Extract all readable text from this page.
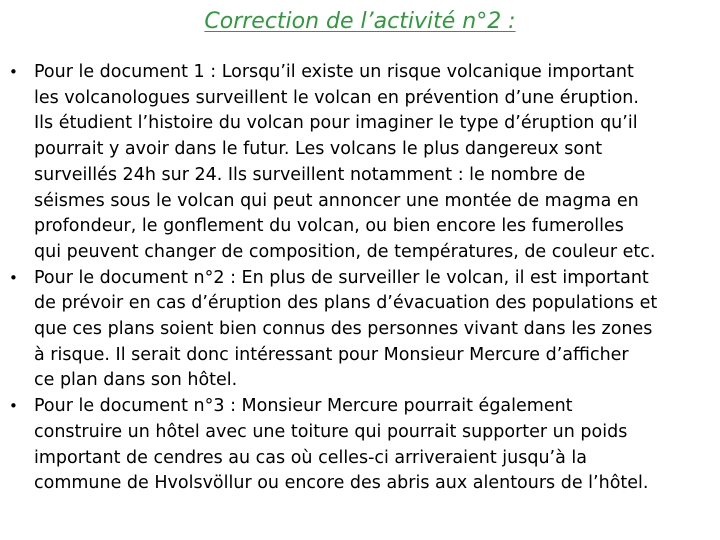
Correction de l’activité n°2 :
• Pour le document 1 : Lorsqu’il existe un risque volcanique important
les volcanologues surveillent le volcan en prévention d’une éruption.
Ils étudient l’histoire du volcan pour imaginer le type d’éruption qu’il
pourrait y avoir dans le futur. Les volcans le plus dangereux sont
surveillés 24h sur 24. Ils surveillent notamment : le nombre de
séismes sous le volcan qui peut annoncer une montée de magma en
profondeur, le gonflement du volcan, ou bien encore les fumerolles
qui peuvent changer de composition, de températures, de couleur etc.
• Pour le document n°2 : En plus de surveiller le volcan, il est important
de prévoir en cas d’éruption des plans d’évacuation des populations et
que ces plans soient bien connus des personnes vivant dans les zones
à risque. Il serait donc intéressant pour Monsieur Mercure d’afficher
ce plan dans son hôtel.
• Pour le document n°3 : Monsieur Mercure pourrait également
construire un hôtel avec une toiture qui pourrait supporter un poids
important de cendres au cas où celles-ci arriveraient jusqu’à la
commune de Hvolsvöllur ou encore des abris aux alentours de l’hôtel.
